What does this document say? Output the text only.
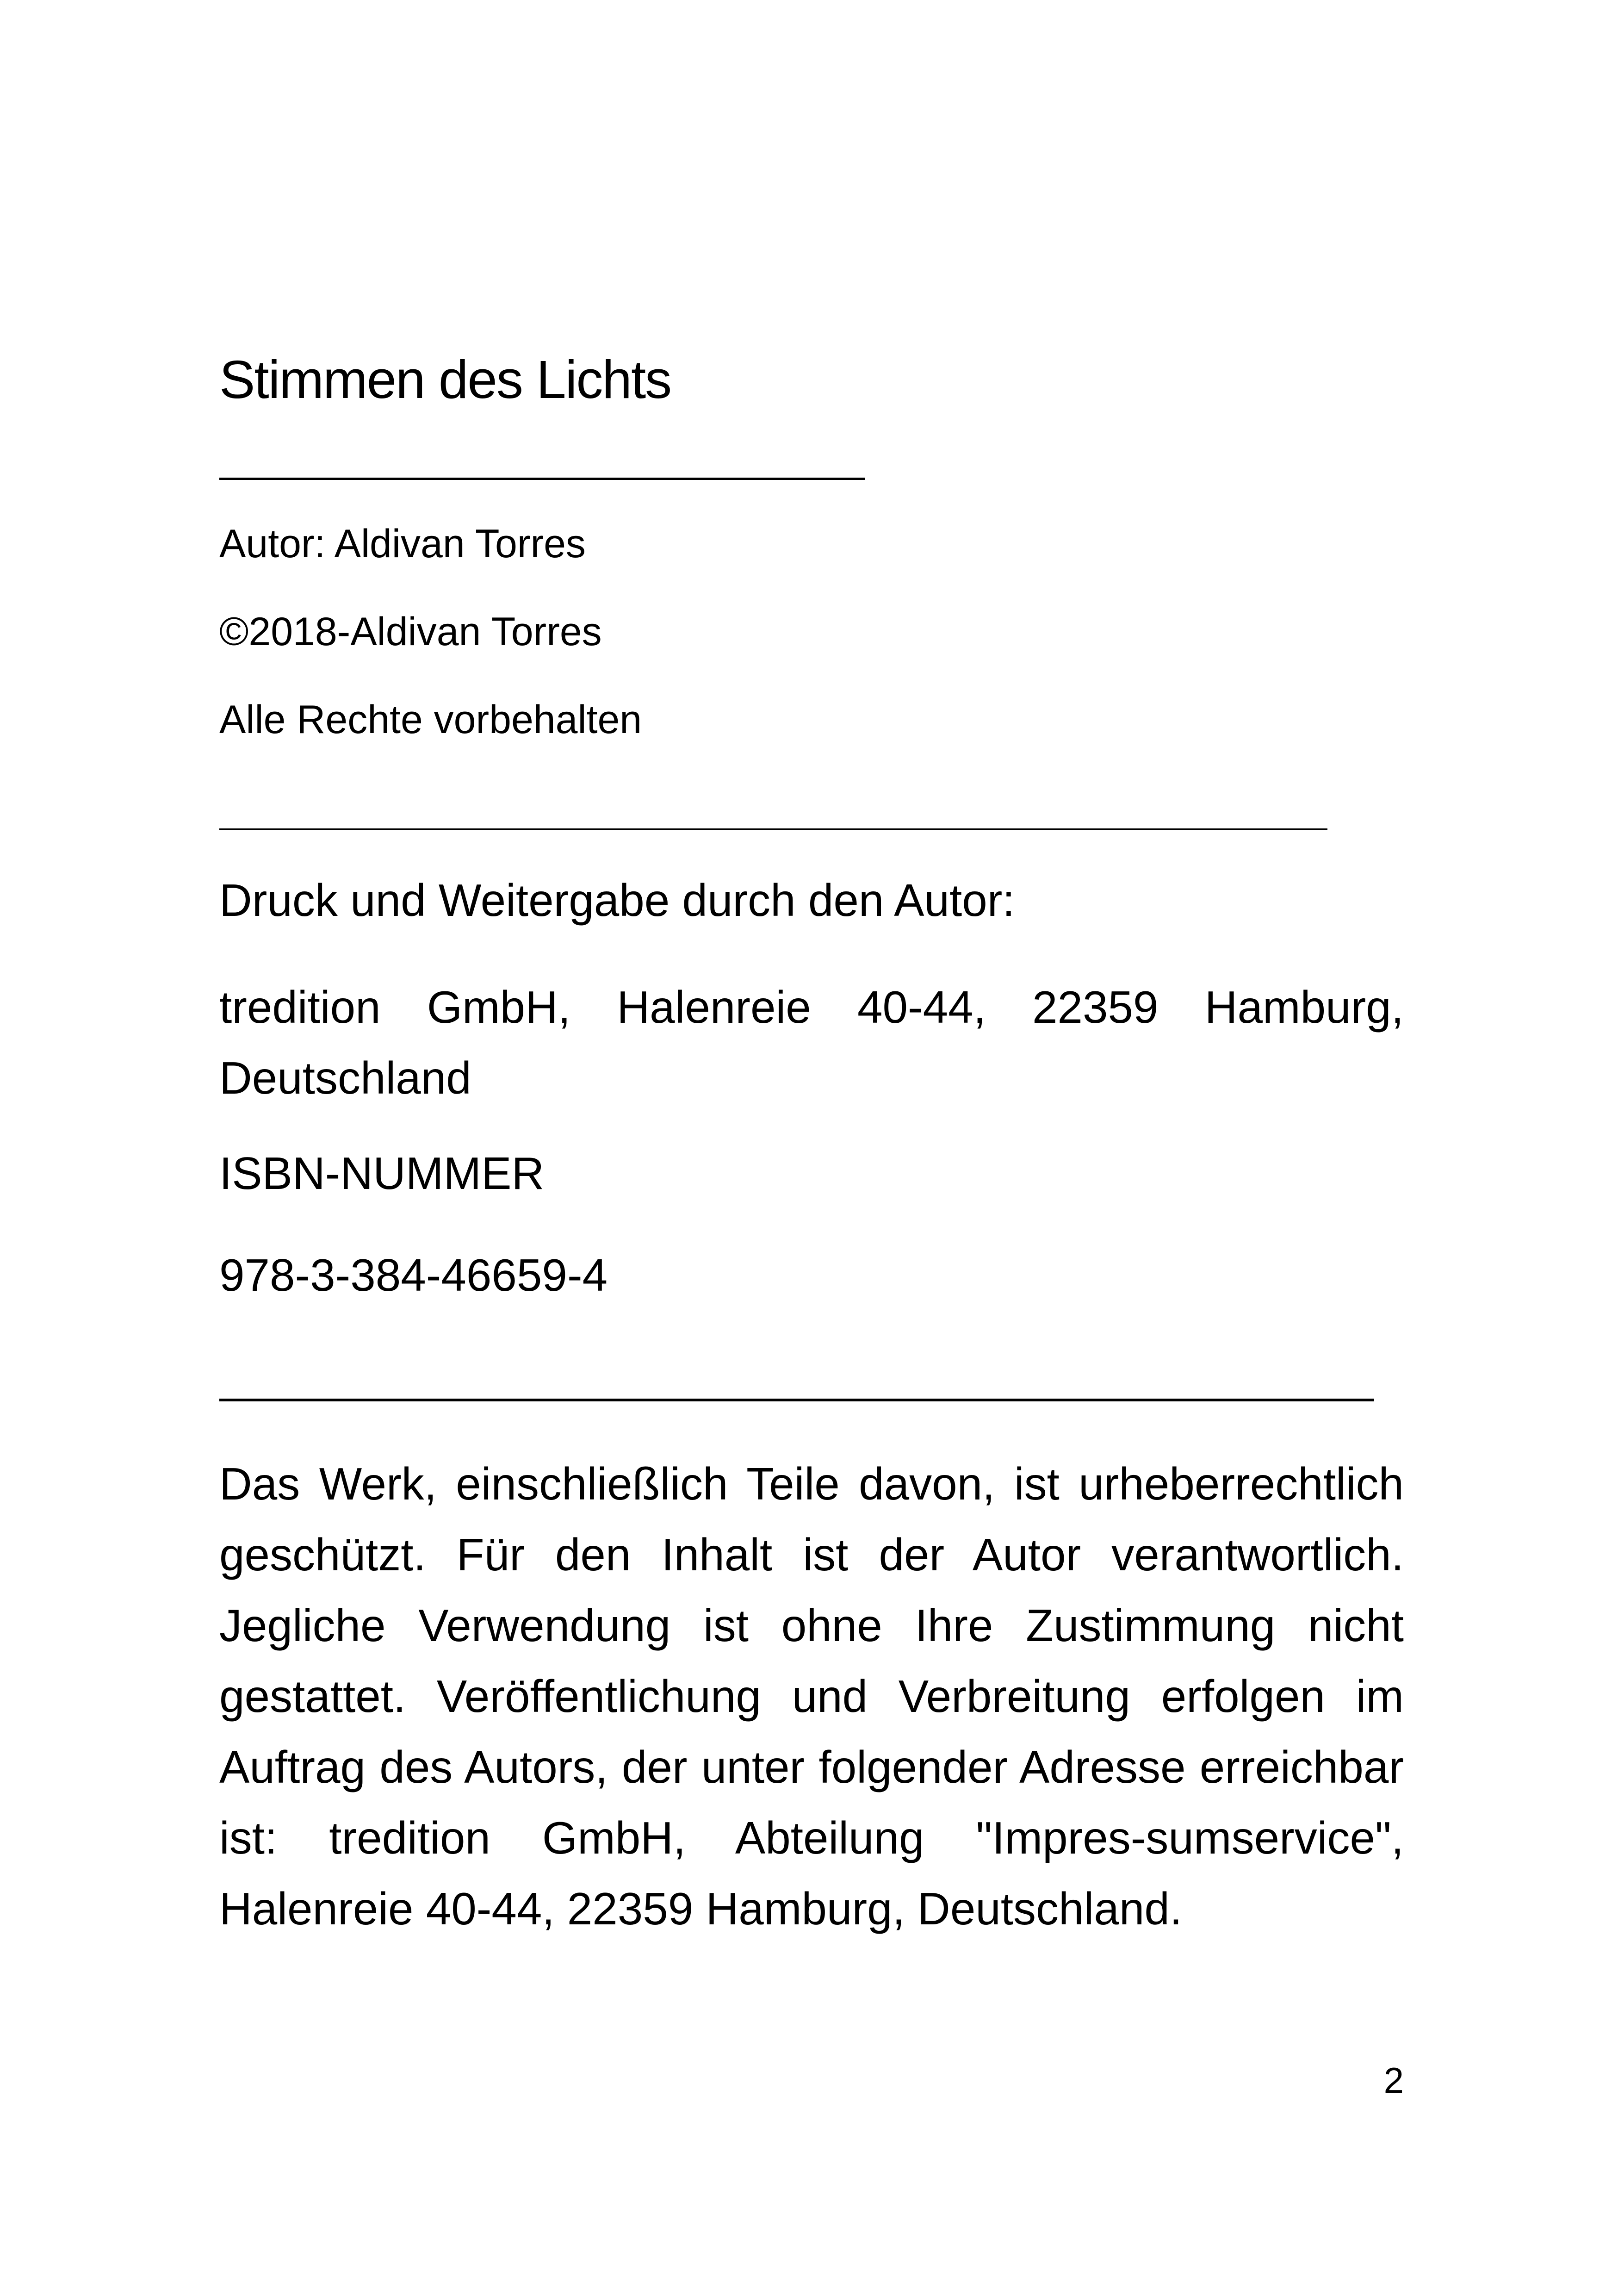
Stimmen des Lichts

Autor: Aldivan Torres

©2018-Aldivan Torres

Alle Rechte vorbehalten

Druck und Weitergabe durch den Autor:

tredition GmbH, Halenreie 40-44, 22359 Hamburg, Deutschland

ISBN-NUMMER

978-3-384-46659-4

Das Werk, einschließlich Teile davon, ist urheberrechtlich geschützt. Für den Inhalt ist der Autor verantwortlich. Jegliche Verwendung ist ohne Ihre Zustimmung nicht gestattet. Veröffentlichung und Verbreitung erfolgen im Auftrag des Autors, der unter folgender Adresse erreichbar ist: tredition GmbH, Abteilung "Impres-sumservice", Halenreie 40-44, 22359 Hamburg, Deutschland.

2
